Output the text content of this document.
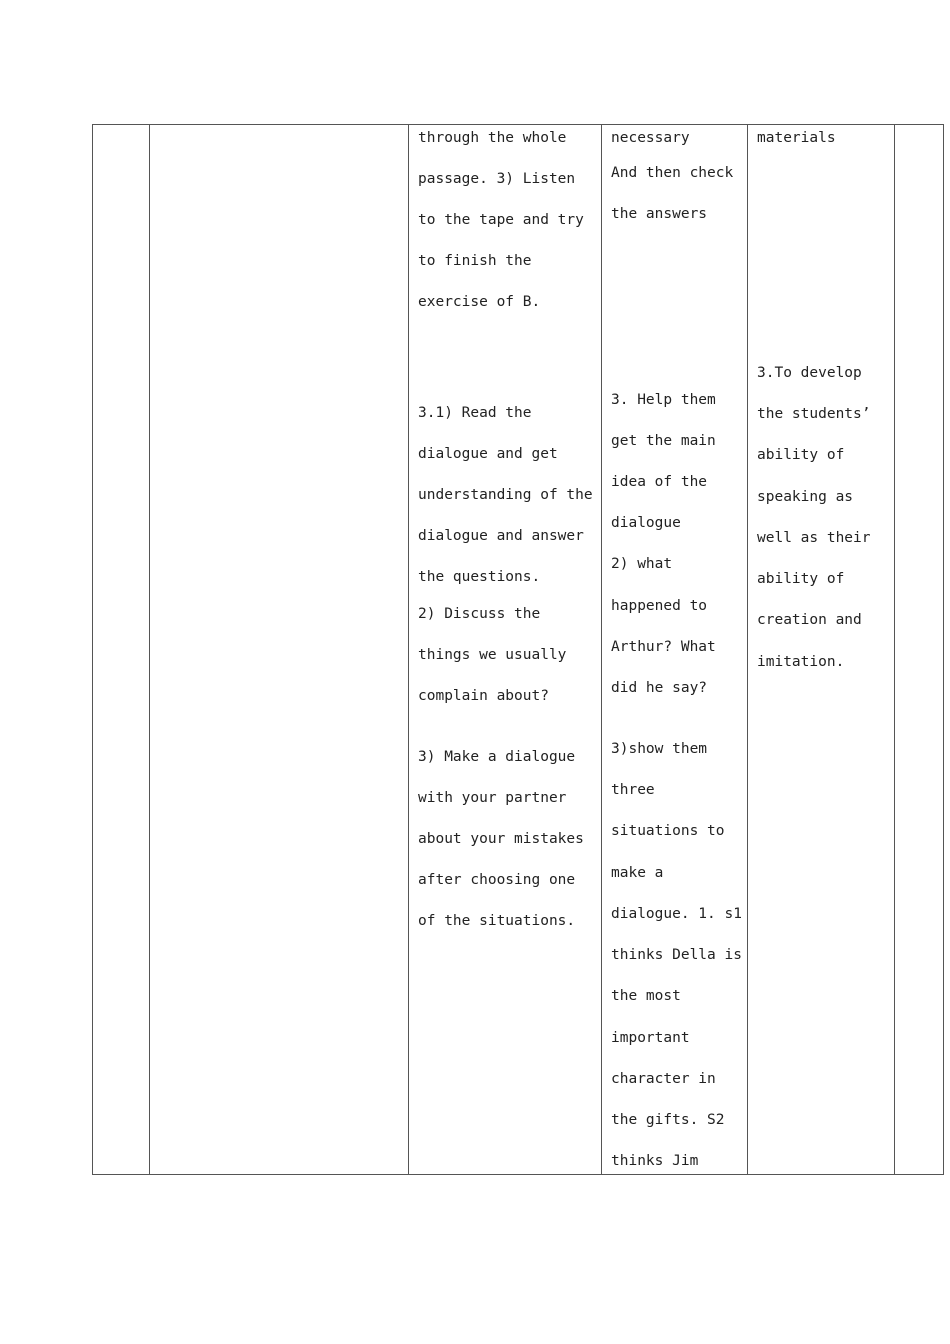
through the whole
passage. 3) Listen
to the tape and try
to finish the
exercise of B.
3.1) Read the
dialogue and get
understanding of the
dialogue and answer
the questions.
2) Discuss the
things we usually
complain about?
3) Make a dialogue
with your partner
about your mistakes
after choosing one
of the situations.

necessary
And then check
the answers
3. Help them
get the main
idea of the
dialogue
2) what
happened to
Arthur? What
did he say?
3)show them
three
situations to
make a
dialogue. 1. s1
thinks Della is
the most
important
character in
the gifts. S2
thinks Jim

materials
3.To develop
the students’
ability of
speaking as
well as their
ability of
creation and
imitation.
